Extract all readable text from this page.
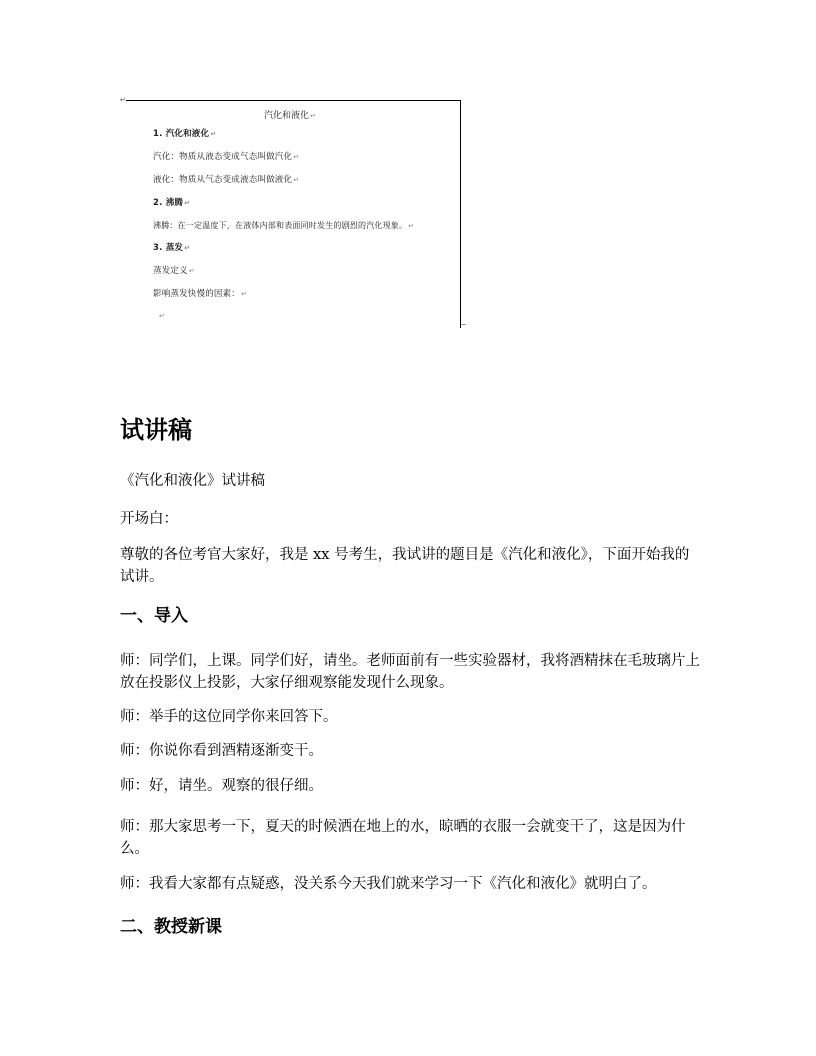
↵
汽化和液化↵
1. 汽化和液化↵
汽化：物质从液态变成气态叫做汽化↵
液化：物质从气态变成液态叫做液化↵
2. 沸腾↵
沸腾：在一定温度下，在液体内部和表面同时发生的剧烈的汽化现象。↵
3. 蒸发↵
蒸发定义↵
影响蒸发快慢的因素：↵
↵
试讲稿
《汽化和液化》试讲稿
开场白：
尊敬的各位考官大家好，我是 xx 号考生，我试讲的题目是《汽化和液化》，下面开始我的试讲。
一、导入
师：同学们，上课。同学们好，请坐。老师面前有一些实验器材，我将酒精抹在毛玻璃片上放在投影仪上投影，大家仔细观察能发现什么现象。
师：举手的这位同学你来回答下。
师：你说你看到酒精逐渐变干。
师：好，请坐。观察的很仔细。
师：那大家思考一下，夏天的时候洒在地上的水，晾晒的衣服一会就变干了，这是因为什么。
师：我看大家都有点疑惑，没关系今天我们就来学习一下《汽化和液化》就明白了。
二、教授新课
